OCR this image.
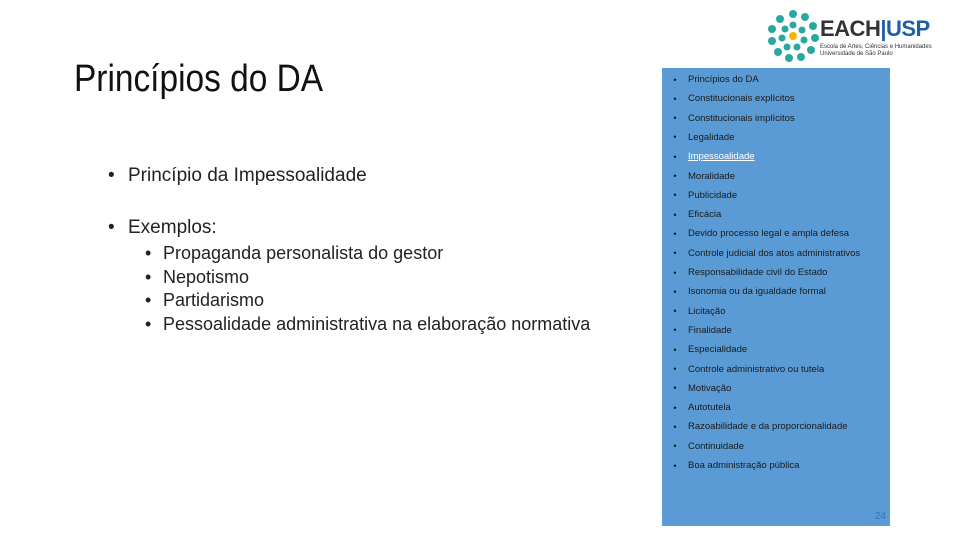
EACH|USP
Escola de Artes, Ciências e Humanidades Universidade de São Paulo
Princípios do DA
• Princípio da Impessoalidade
• Exemplos:
• Propaganda personalista do gestor
• Nepotismo
• Partidarismo
• Pessoalidade administrativa na elaboração normativa
•	Princípios do DA
•	Constitucionais explícitos
•	Constitucionais implícitos
•	Legalidade
•	Impessoalidade
•	Moralidade
•	Publicidade
•	Eficácia
•	Devido processo legal e ampla defesa
•	Controle judicial dos atos administrativos
•	Responsabilidade civil do Estado
•	Isonomia ou da igualdade formal
•	Licitação
•	Finalidade
•	Especialidade
•	Controle administrativo ou tutela
•	Motivação
•	Autotutela
•	Razoabilidade e da proporcionalidade
•	Continuidade
•	Boa administração pública
24
